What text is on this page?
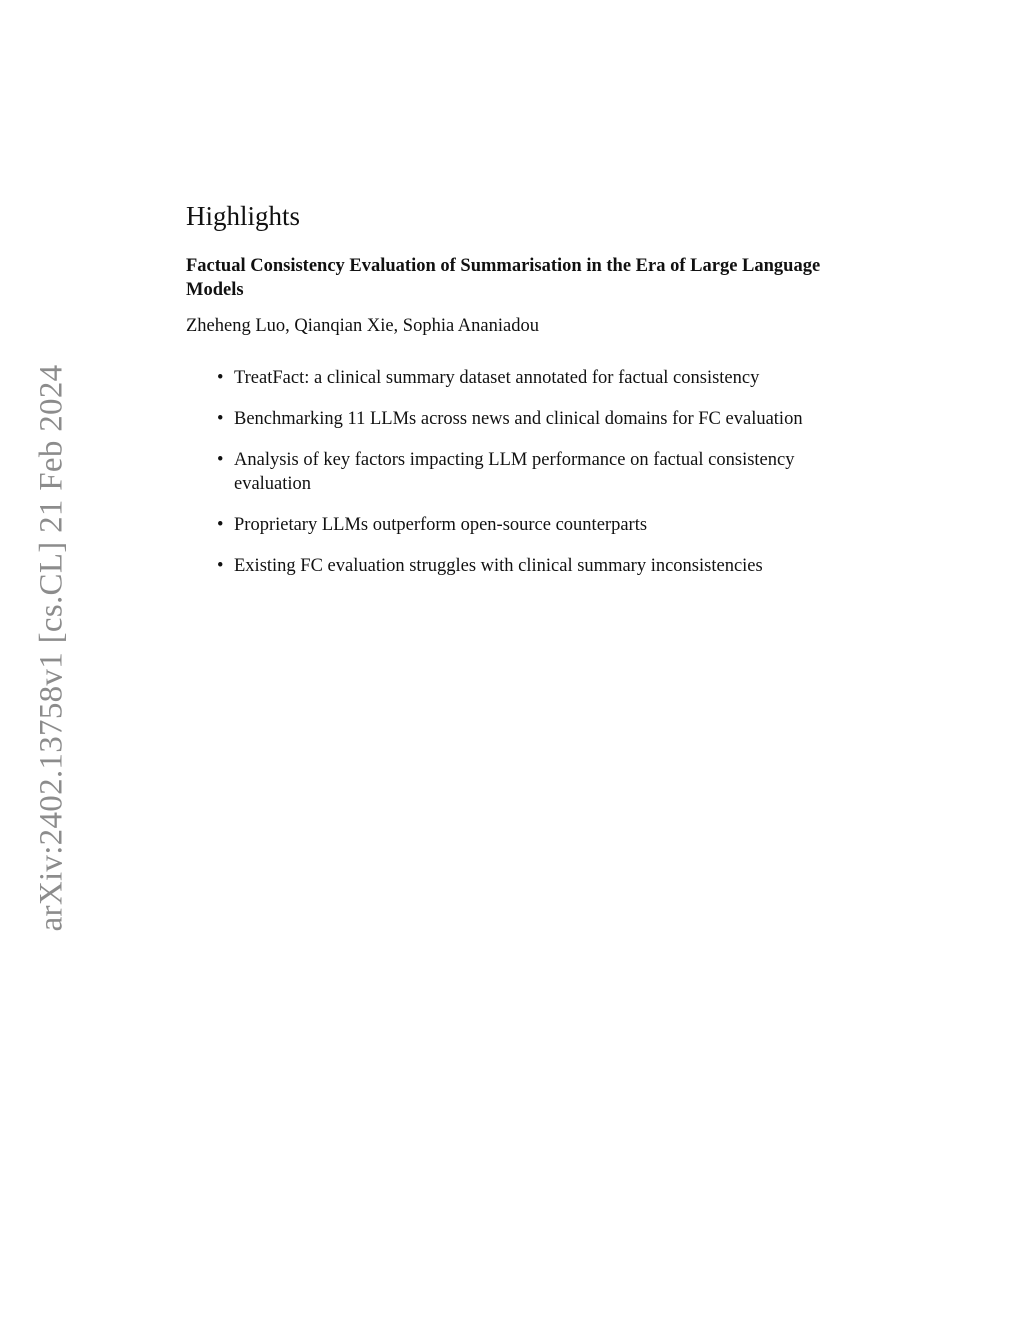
arXiv:2402.13758v1 [cs.CL] 21 Feb 2024
Highlights
Factual Consistency Evaluation of Summarisation in the Era of Large Language Models
Zheheng Luo, Qianqian Xie, Sophia Ananiadou
• TreatFact: a clinical summary dataset annotated for factual consistency
• Benchmarking 11 LLMs across news and clinical domains for FC evaluation
• Analysis of key factors impacting LLM performance on factual consistency evaluation
• Proprietary LLMs outperform open-source counterparts
• Existing FC evaluation struggles with clinical summary inconsistencies
